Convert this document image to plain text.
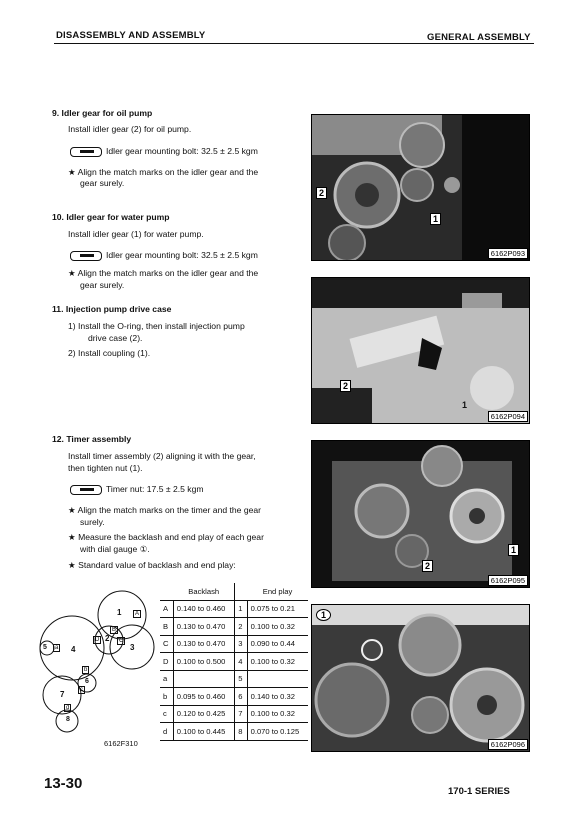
DISASSEMBLY AND ASSEMBLY	GENERAL ASSEMBLY
9. Idler gear for oil pump
Install idler gear (2) for oil pump.
Idler gear mounting bolt: 32.5 ± 2.5 kgm
★ Align the match marks on the idler gear and the
gear surely.
10. Idler gear for water pump
Install idler gear (1) for water pump.
Idler gear mounting bolt: 32.5 ± 2.5 kgm
★ Align the match marks on the idler gear and the
gear surely.
11. Injection pump drive case
1) Install the O-ring, then install injection pump
drive case (2).
2) Install coupling (1).
12. Timer assembly
Install timer assembly (2) aligning it with the gear,
then tighten nut (1).
Timer nut: 17.5 ± 2.5 kgm
★ Align the match marks on the timer and the gear
surely.
★ Measure the backlash and end play of each gear
with dial gauge ①.
★ Standard value of backlash and end play:
2
1
6162P093
2
1
6162P094
2
1
6162P095
1
6162P096
1
2
3
4
5
6
7
8
A
B
C
D
a
b
c
d
6162F310
	Backlash		End play
A	0.140 to 0.460	1	0.075 to 0.21
B	0.130 to 0.470	2	0.100 to 0.32
C	0.130 to 0.470	3	0.090 to 0.44
D	0.100 to 0.500	4	0.100 to 0.32
a		5	
b	0.095 to 0.460	6	0.140 to 0.32
c	0.120 to 0.425	7	0.100 to 0.32
d	0.100 to 0.445	8	0.070 to 0.125
13-30	170-1 SERIES
